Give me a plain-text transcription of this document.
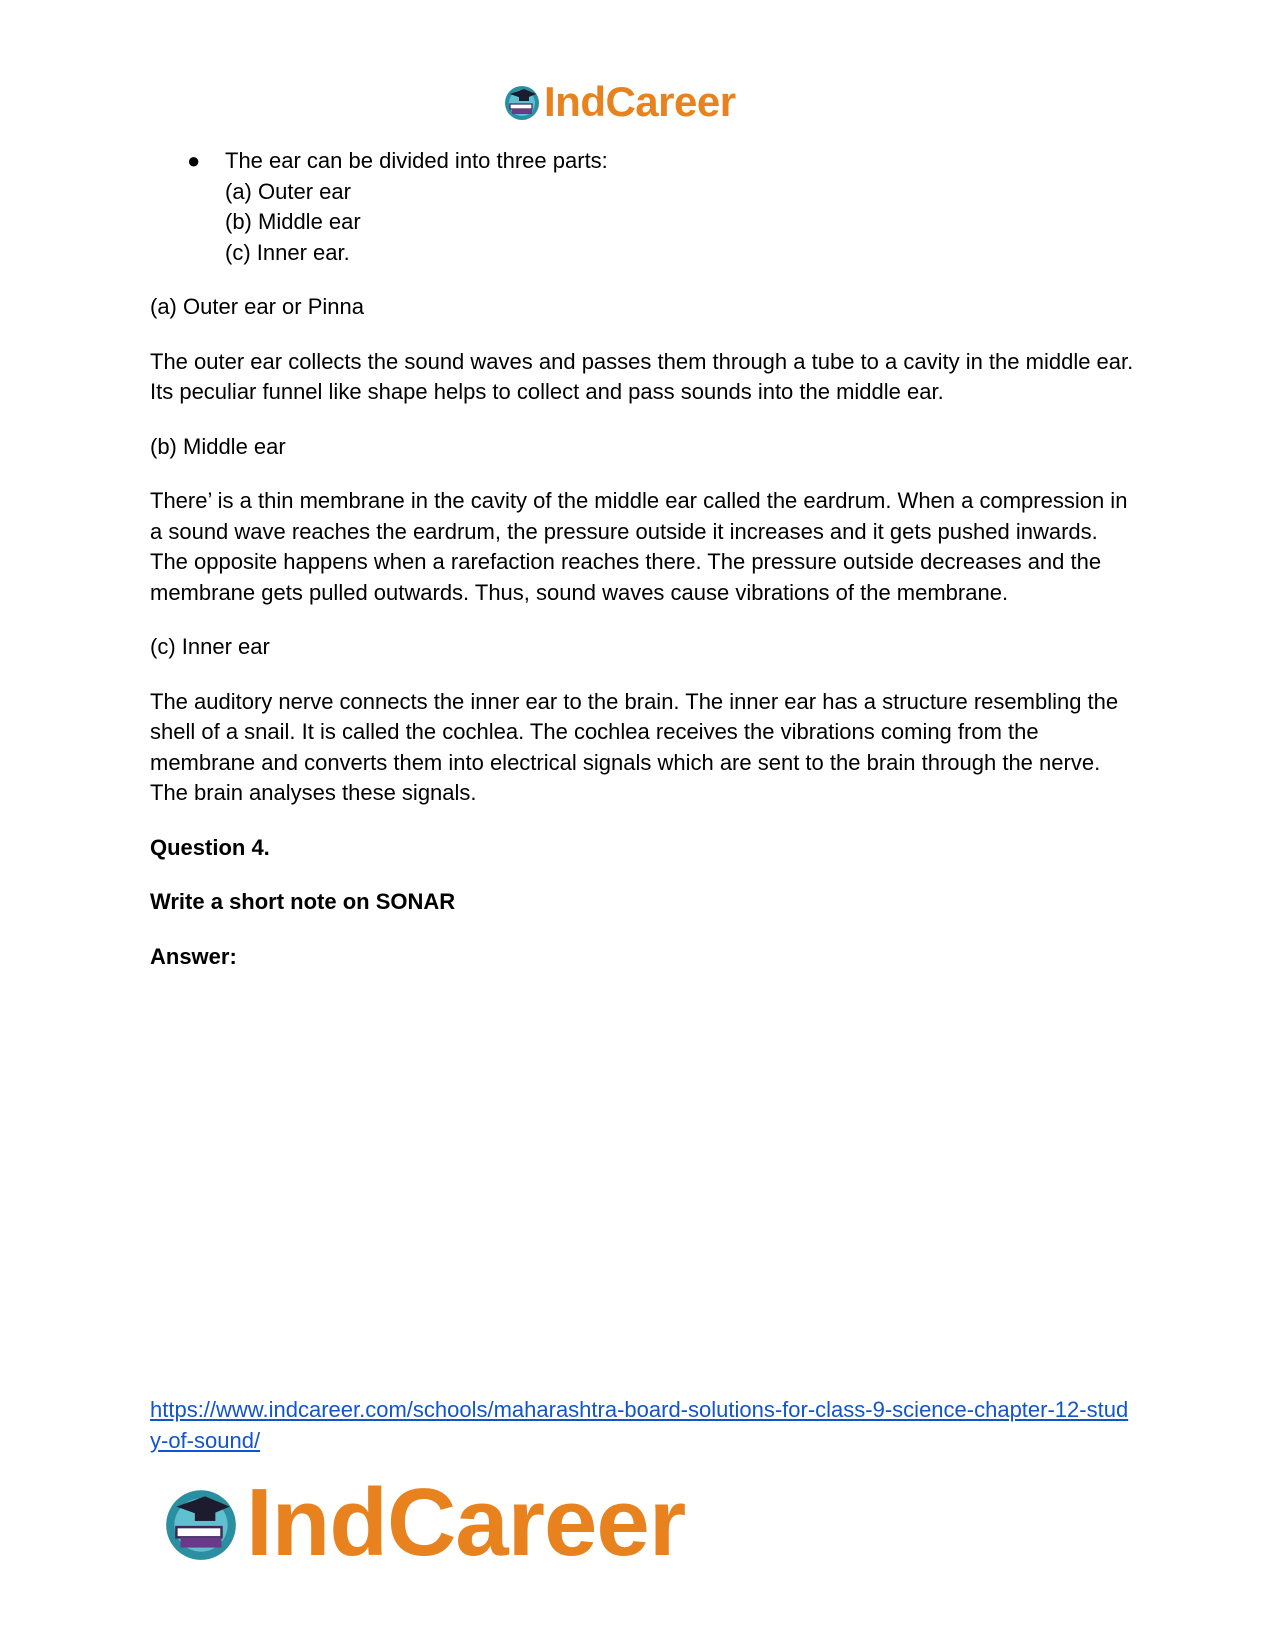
IndCareer
● The ear can be divided into three parts:
(a) Outer ear
(b) Middle ear
(c) Inner ear.

(a) Outer ear or Pinna

The outer ear collects the sound waves and passes them through a tube to a cavity in the middle ear. Its peculiar funnel like shape helps to collect and pass sounds into the middle ear.

(b) Middle ear

There’ is a thin membrane in the cavity of the middle ear called the eardrum. When a compression in a sound wave reaches the eardrum, the pressure outside it increases and it gets pushed inwards. The opposite happens when a rarefaction reaches there. The pressure outside decreases and the membrane gets pulled outwards. Thus, sound waves cause vibrations of the membrane.

(c) Inner ear

The auditory nerve connects the inner ear to the brain. The inner ear has a structure resembling the shell of a snail. It is called the cochlea. The cochlea receives the vibrations coming from the membrane and converts them into electrical signals which are sent to the brain through the nerve. The brain analyses these signals.

Question 4.

Write a short note on SONAR

Answer:

https://www.indcareer.com/schools/maharashtra-board-solutions-for-class-9-science-chapter-12-study-of-sound/
IndCareer
